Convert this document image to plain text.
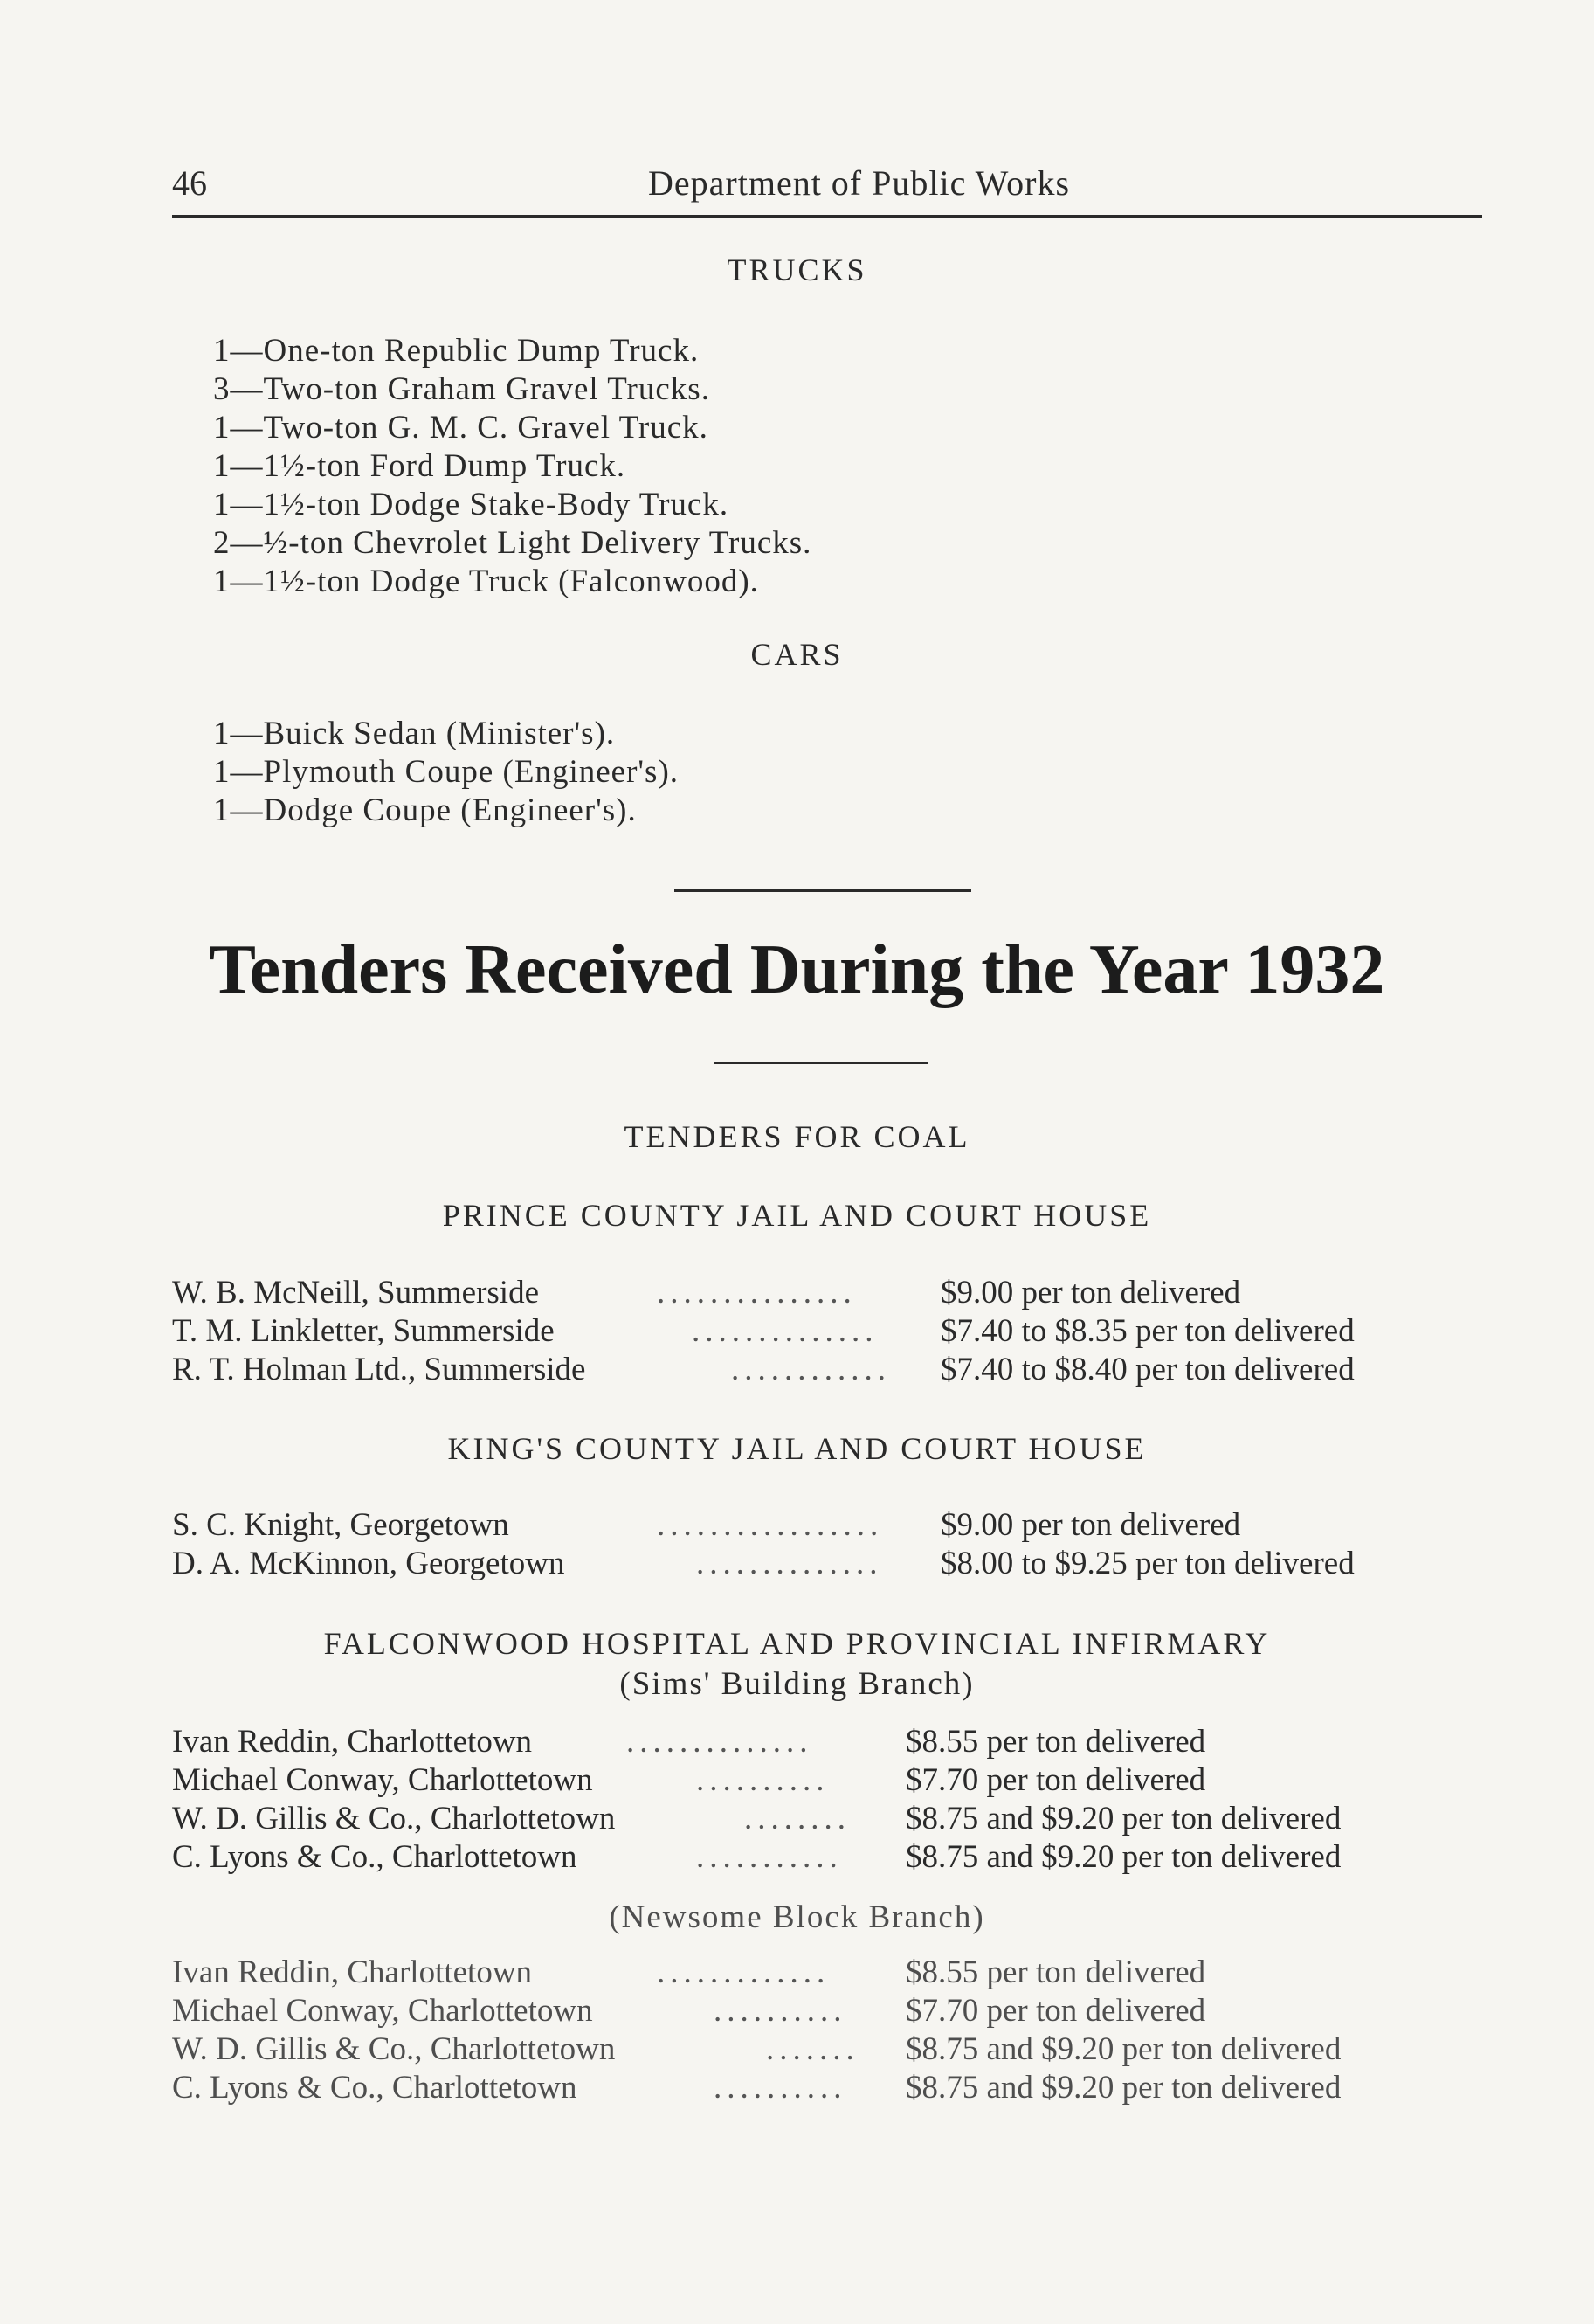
46	Department of Public Works
TRUCKS
1—One-ton Republic Dump Truck.
3—Two-ton Graham Gravel Trucks.
1—Two-ton G. M. C. Gravel Truck.
1—1½-ton Ford Dump Truck.
1—1½-ton Dodge Stake-Body Truck.
2—½-ton Chevrolet Light Delivery Trucks.
1—1½-ton Dodge Truck (Falconwood).
CARS
1—Buick Sedan (Minister's).
1—Plymouth Coupe (Engineer's).
1—Dodge Coupe (Engineer's).
Tenders Received During the Year 1932
TENDERS FOR COAL
PRINCE COUNTY JAIL AND COURT HOUSE
W. B. McNeill, Summerside	...............	$9.00 per ton delivered
T. M. Linkletter, Summerside	..............	$7.40 to $8.35 per ton delivered
R. T. Holman Ltd., Summerside	............	$7.40 to $8.40 per ton delivered
KING'S COUNTY JAIL AND COURT HOUSE
S. C. Knight, Georgetown	.................	$9.00 per ton delivered
D. A. McKinnon, Georgetown	..............	$8.00 to $9.25 per ton delivered
FALCONWOOD HOSPITAL AND PROVINCIAL INFIRMARY
(Sims' Building Branch)
Ivan Reddin, Charlottetown	..............	$8.55 per ton delivered
Michael Conway, Charlottetown	..........	$7.70 per ton delivered
W. D. Gillis & Co., Charlottetown	........	$8.75 and $9.20 per ton delivered
C. Lyons & Co., Charlottetown	...........	$8.75 and $9.20 per ton delivered
(Newsome Block Branch)
Ivan Reddin, Charlottetown	.............	$8.55 per ton delivered
Michael Conway, Charlottetown	..........	$7.70 per ton delivered
W. D. Gillis & Co., Charlottetown	.......	$8.75 and $9.20 per ton delivered
C. Lyons & Co., Charlottetown	..........	$8.75 and $9.20 per ton delivered
